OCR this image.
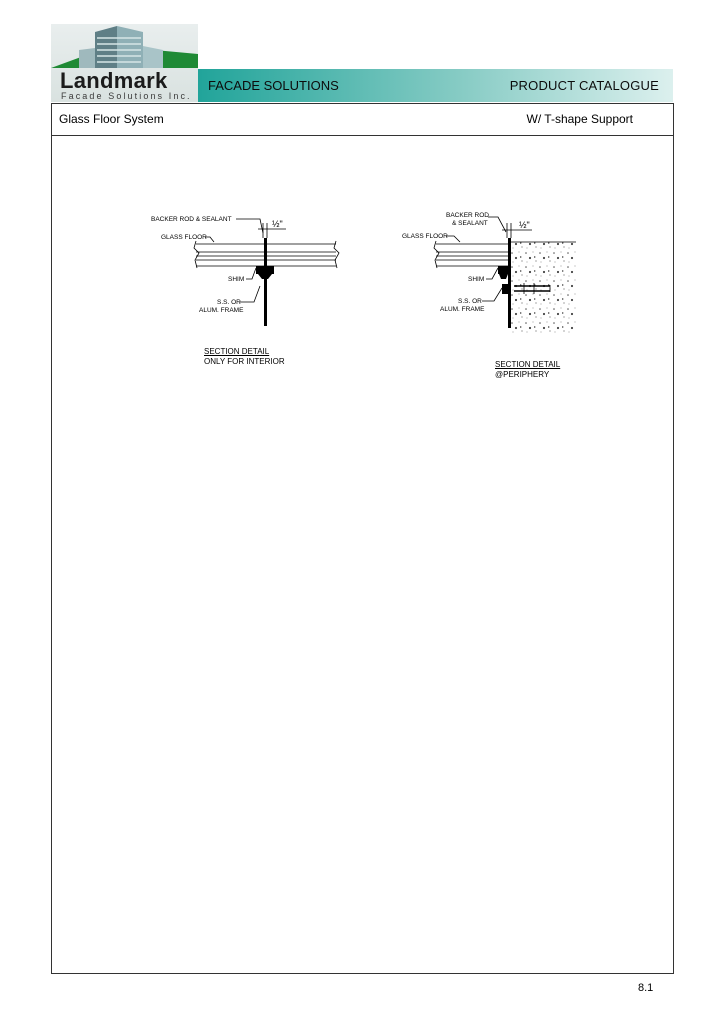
Landmark
Facade Solutions Inc.
FACADE SOLUTIONS	PRODUCT CATALOGUE
Glass Floor System	W/ T-shape Support
BACKER ROD & SEALANT
GLASS FLOOR
SHIM
S.S. OR
ALUM. FRAME
½"
SECTION DETAIL
ONLY FOR INTERIOR
BACKER ROD
& SEALANT
GLASS FLOOR
SHIM
S.S. OR
ALUM. FRAME
½"
SECTION DETAIL
@PERIPHERY
8.1
